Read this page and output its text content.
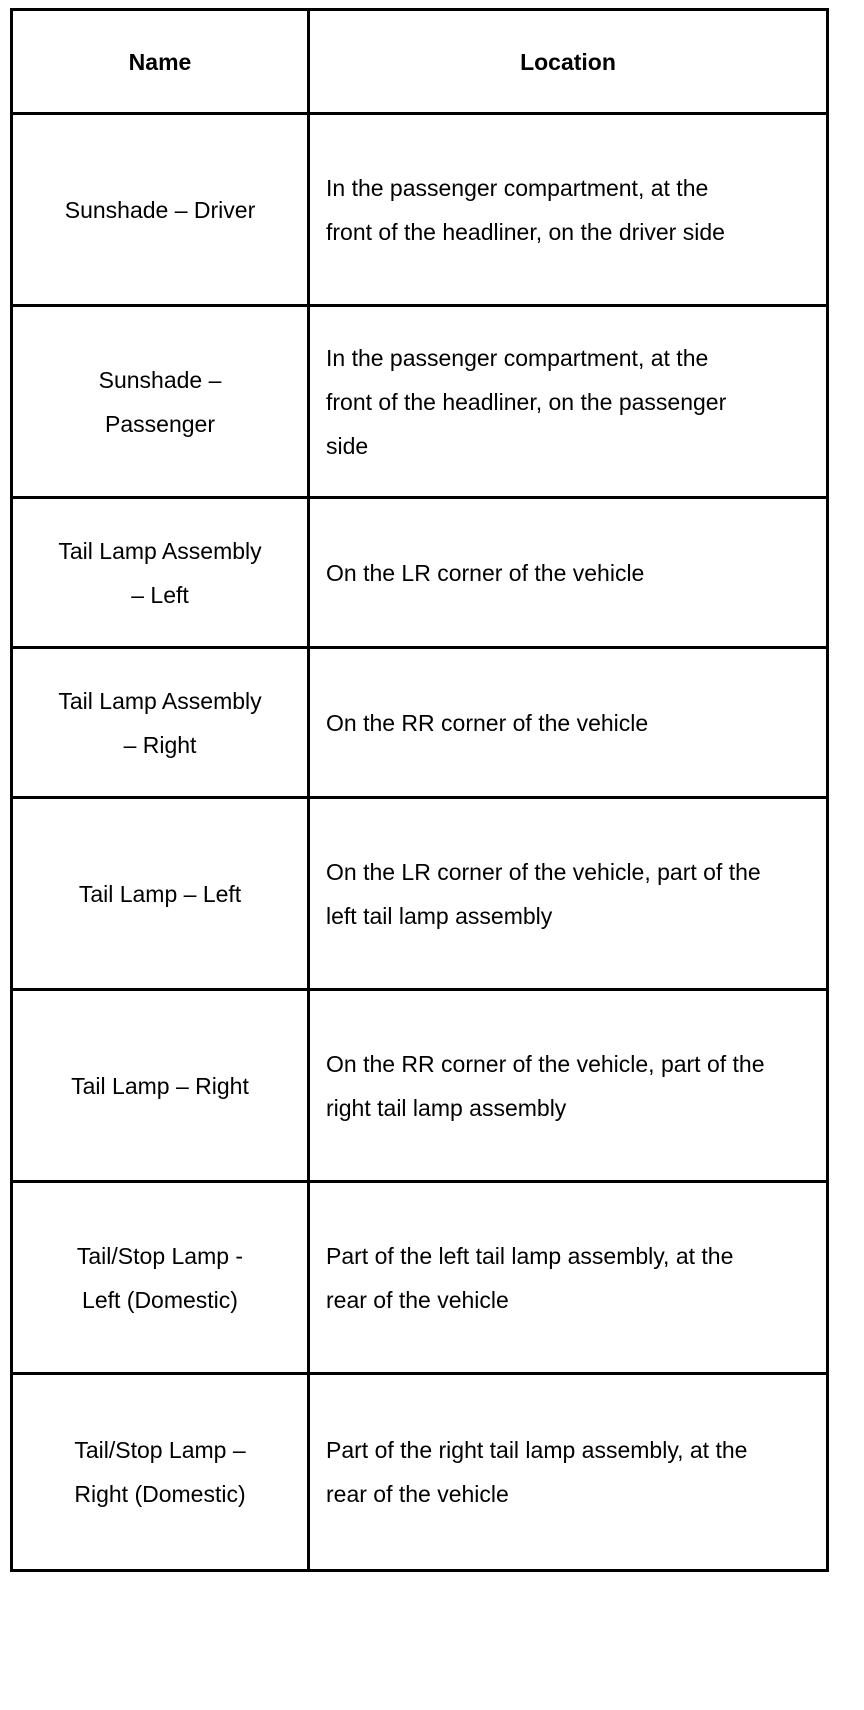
Name	Location
Sunshade – Driver	In the passenger compartment, at the front of the headliner, on the driver side
Sunshade – Passenger	In the passenger compartment, at the front of the headliner, on the passenger side
Tail Lamp Assembly – Left	On the LR corner of the vehicle
Tail Lamp Assembly – Right	On the RR corner of the vehicle
Tail Lamp – Left	On the LR corner of the vehicle, part of the left tail lamp assembly
Tail Lamp – Right	On the RR corner of the vehicle, part of the right tail lamp assembly
Tail/Stop Lamp - Left (Domestic)	Part of the left tail lamp assembly, at the rear of the vehicle
Tail/Stop Lamp – Right (Domestic)	Part of the right tail lamp assembly, at the rear of the vehicle
